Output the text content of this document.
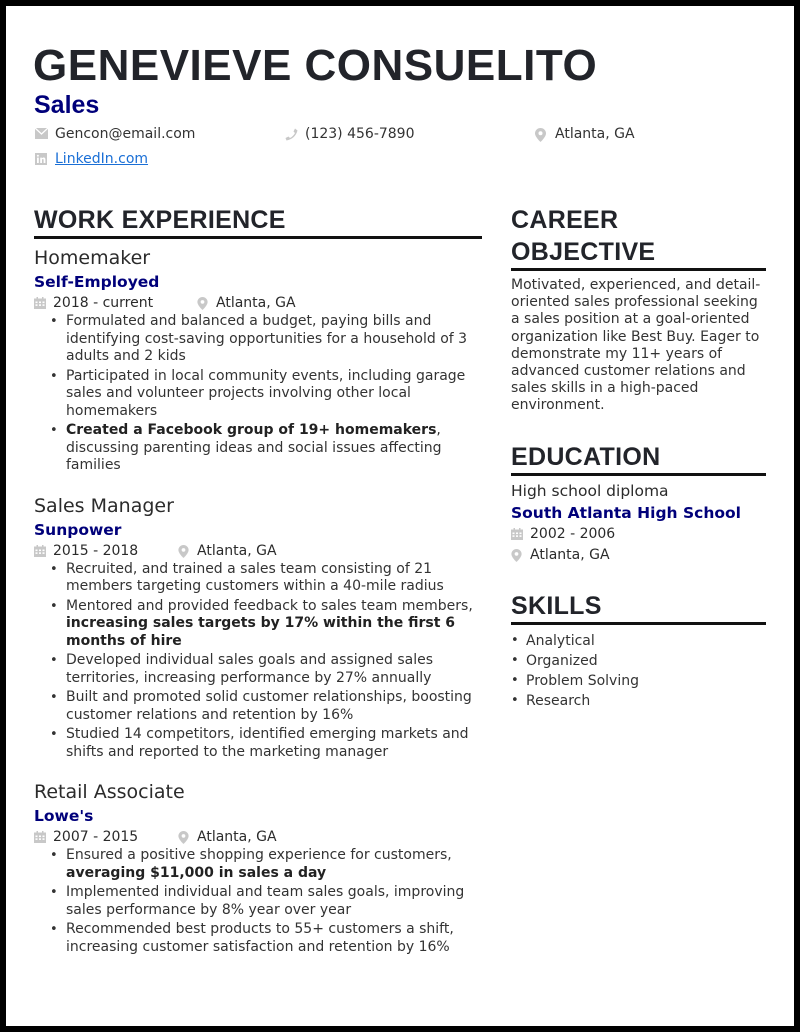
GENEVIEVE CONSUELITO
Sales
Gencon@email.com	(123) 456-7890	Atlanta, GA
LinkedIn.com
WORK EXPERIENCE
Homemaker
Self-Employed
2018 - current	Atlanta, GA
• Formulated and balanced a budget, paying bills and identifying cost-saving opportunities for a household of 3 adults and 2 kids
• Participated in local community events, including garage sales and volunteer projects involving other local homemakers
• Created a Facebook group of 19+ homemakers, discussing parenting ideas and social issues affecting families
Sales Manager
Sunpower
2015 - 2018	Atlanta, GA
• Recruited, and trained a sales team consisting of 21 members targeting customers within a 40-mile radius
• Mentored and provided feedback to sales team members, increasing sales targets by 17% within the first 6 months of hire
• Developed individual sales goals and assigned sales territories, increasing performance by 27% annually
• Built and promoted solid customer relationships, boosting customer relations and retention by 16%
• Studied 14 competitors, identified emerging markets and shifts and reported to the marketing manager
Retail Associate
Lowe's
2007 - 2015	Atlanta, GA
• Ensured a positive shopping experience for customers, averaging $11,000 in sales a day
• Implemented individual and team sales goals, improving sales performance by 8% year over year
• Recommended best products to 55+ customers a shift, increasing customer satisfaction and retention by 16%
CAREER
OBJECTIVE

Motivated, experienced, and detail-oriented sales professional seeking a sales position at a goal-oriented organization like Best Buy. Eager to demonstrate my 11+ years of advanced customer relations and sales skills in a high-paced environment.

EDUCATION
High school diploma
South Atlanta High School
2002 - 2006
Atlanta, GA
SKILLS
• Analytical
• Organized
• Problem Solving
• Research
